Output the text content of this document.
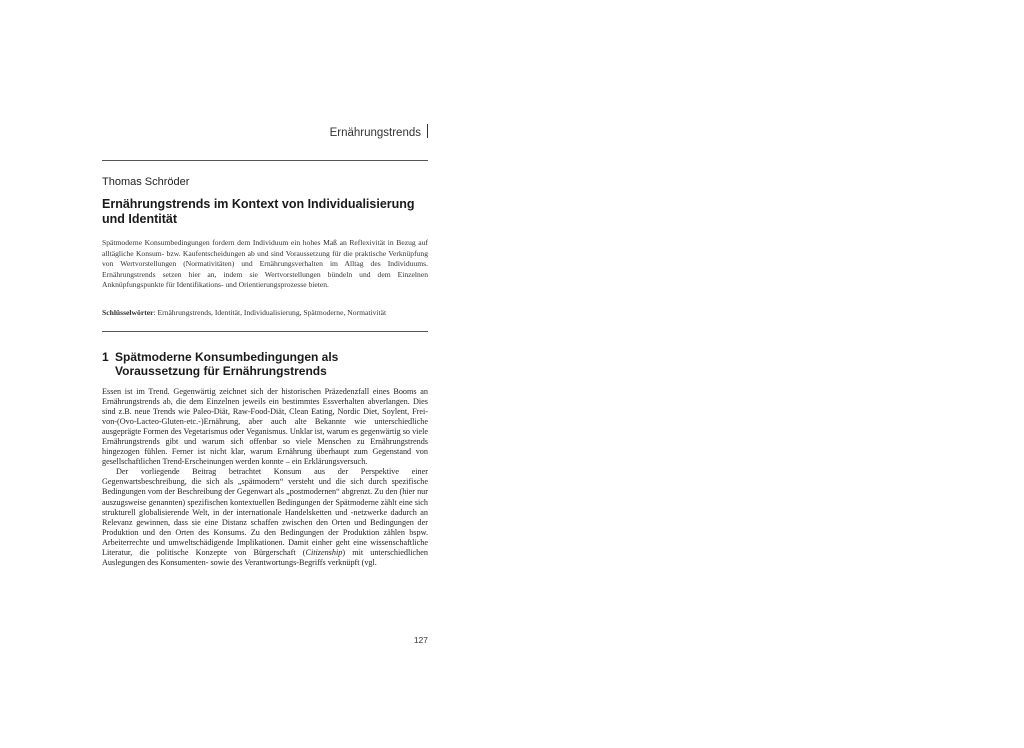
Ernährungstrends
Thomas Schröder
Ernährungstrends im Kontext von Individualisierung und Identität

Spätmoderne Konsumbedingungen fordern dem Individuum ein hohes Maß an Reflexivität in Bezug auf alltägliche Konsum- bzw. Kaufentscheidungen ab und sind Voraussetzung für die praktische Verknüpfung von Wertvorstellungen (Normativitäten) und Ernährungsverhalten im Alltag des Individuums. Ernährungstrends setzen hier an, indem sie Wertvorstellungen bündeln und dem Einzelnen Anknüpfungspunkte für Identifikations- und Orientierungsprozesse bieten.

Schlüsselwörter: Ernährungstrends, Identität, Individualisierung, Spätmoderne, Normativität

1 Spätmoderne Konsumbedingungen als
Voraussetzung für Ernährungstrends

Essen ist im Trend. Gegenwärtig zeichnet sich der historischen Präzedenzfall eines Booms an Ernährungstrends ab, die dem Einzelnen jeweils ein bestimmtes Essverhalten abverlangen. Dies sind z.B. neue Trends wie Paleo-Diät, Raw-Food-Diät, Clean Eating, Nordic Diet, Soylent, Frei-von-(Ovo-Lacteo-Gluten-etc.-)Ernährung, aber auch alte Bekannte wie unterschiedliche ausgeprägte Formen des Vegetarismus oder Veganismus. Unklar ist, warum es gegenwärtig so viele Ernährungstrends gibt und warum sich offenbar so viele Menschen zu Ernährungstrends hingezogen fühlen. Ferner ist nicht klar, warum Ernährung überhaupt zum Gegenstand von gesellschaftlichen Trend-Erscheinungen werden konnte – ein Erklärungsversuch.

Der vorliegende Beitrag betrachtet Konsum aus der Perspektive einer Gegenwartsbeschreibung, die sich als „spätmodern“ versteht und die sich durch spezifische Bedingungen vom der Beschreibung der Gegenwart als „postmodernen“ abgrenzt. Zu den (hier nur auszugsweise genannten) spezifischen kontextuellen Bedingungen der Spätmoderne zählt eine sich strukturell globalisierende Welt, in der internationale Handelsketten und -netzwerke dadurch an Relevanz gewinnen, dass sie eine Distanz schaffen zwischen den Orten und Bedingungen der Produktion und den Orten des Konsums. Zu den Bedingungen der Produktion zählen bspw. Arbeiterrechte und umweltschädigende Implikationen. Damit einher geht eine wissenschaftliche Literatur, die politische Konzepte von Bürgerschaft (Citizenship) mit unterschiedlichen Auslegungen des Konsumenten- sowie des Verantwortungs-Begriffs verknüpft (vgl.

127
